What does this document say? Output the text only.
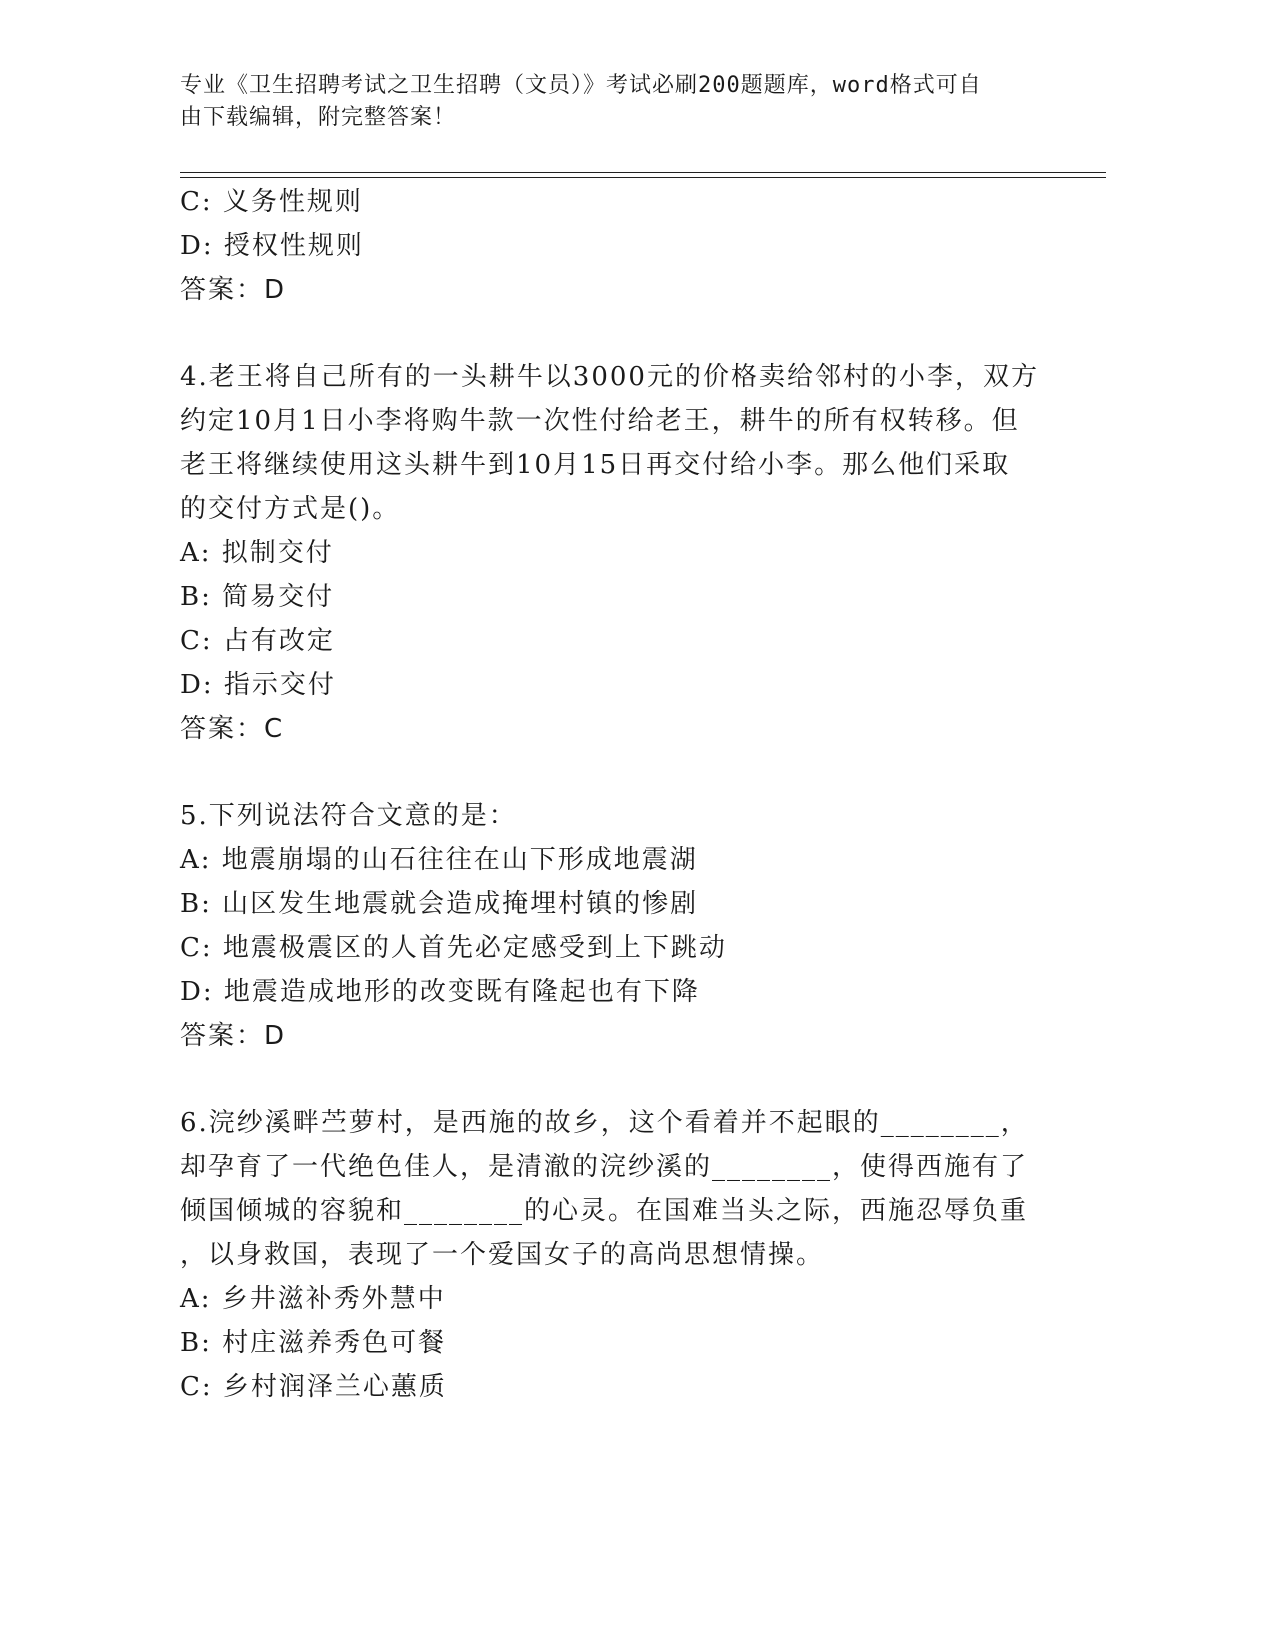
专业《卫生招聘考试之卫生招聘（文员）》考试必刷200题题库，word格式可自
由下载编辑，附完整答案！
C: 义务性规则
D: 授权性规则
答案：D
4.老王将自己所有的一头耕牛以3000元的价格卖给邻村的小李，双方
约定10月1日小李将购牛款一次性付给老王，耕牛的所有权转移。但
老王将继续使用这头耕牛到10月15日再交付给小李。那么他们采取
的交付方式是()。
A: 拟制交付
B: 简易交付
C: 占有改定
D: 指示交付
答案：C
5.下列说法符合文意的是：
A: 地震崩塌的山石往往在山下形成地震湖
B: 山区发生地震就会造成掩埋村镇的惨剧
C: 地震极震区的人首先必定感受到上下跳动
D: 地震造成地形的改变既有隆起也有下降
答案：D
6.浣纱溪畔苎萝村，是西施的故乡，这个看着并不起眼的________，
却孕育了一代绝色佳人，是清澈的浣纱溪的________，使得西施有了
倾国倾城的容貌和________的心灵。在国难当头之际，西施忍辱负重
，以身救国，表现了一个爱国女子的高尚思想情操。
A: 乡井滋补秀外慧中
B: 村庄滋养秀色可餐
C: 乡村润泽兰心蕙质
